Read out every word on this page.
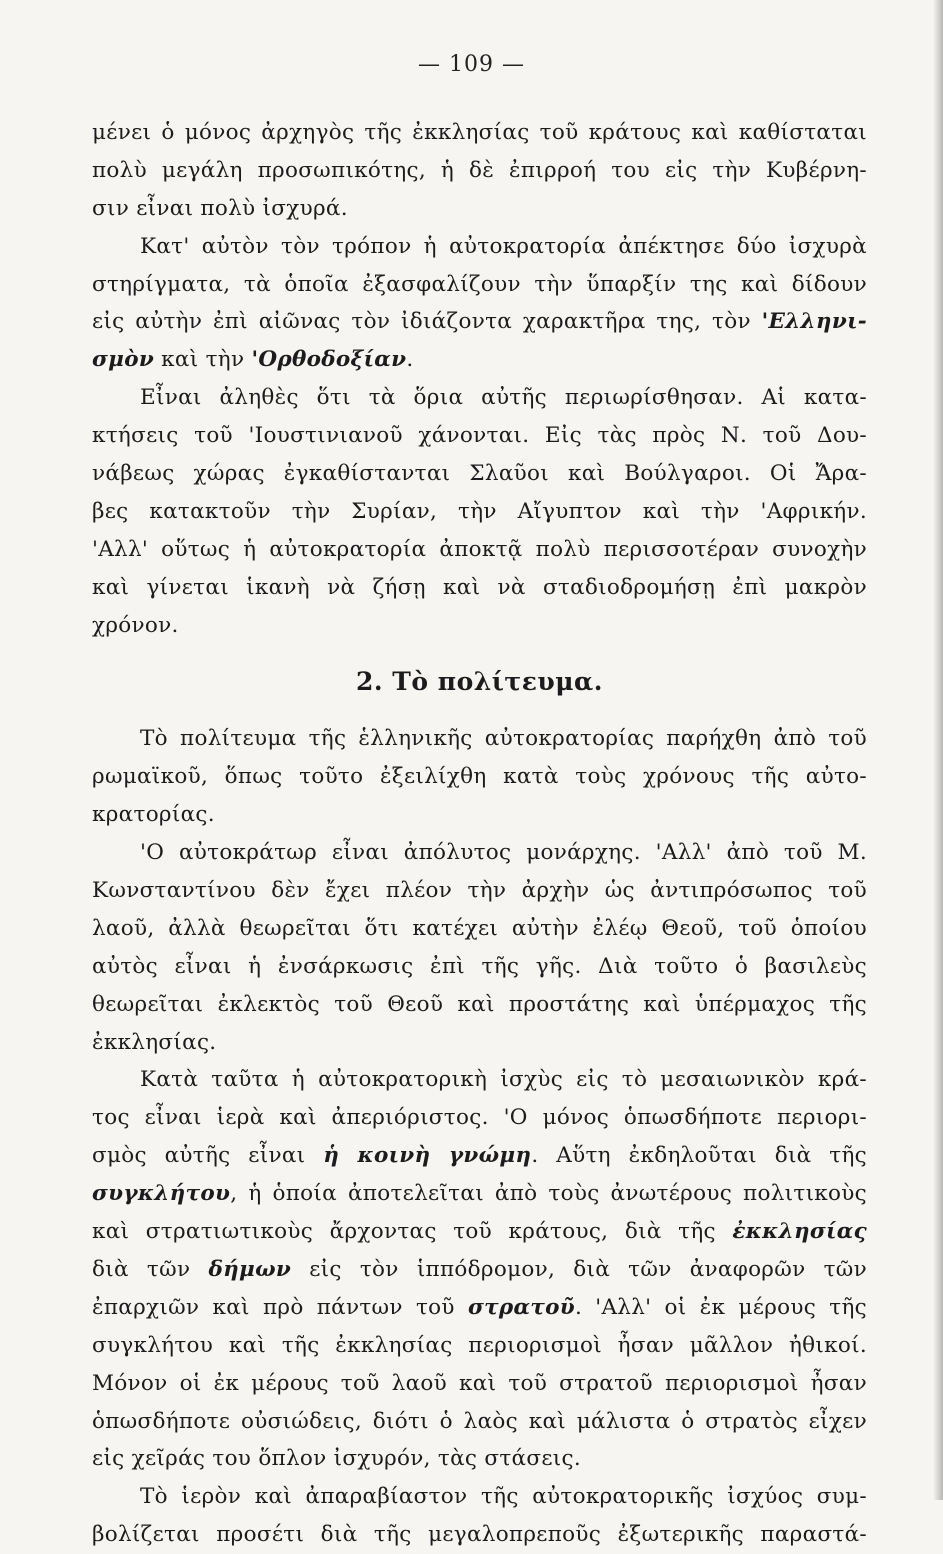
— 109 —
μένει ὁ μόνος ἀρχηγὸς τῆς ἐκκλησίας τοῦ κράτους καὶ καθίσταται
πολὺ μεγάλη προσωπικότης, ἡ δὲ ἐπιρροή του εἰς τὴν Κυβέρνη-
σιν εἶναι πολὺ ἰσχυρά.
Κατ' αὐτὸν τὸν τρόπον ἡ αὐτοκρατορία ἀπέκτησε δύο ἰσχυρὰ
στηρίγματα, τὰ ὁποῖα ἐξασφαλίζουν τὴν ὕπαρξίν της καὶ δίδουν
εἰς αὐτὴν ἐπὶ αἰῶνας τὸν ἰδιάζοντα χαρακτῆρα της, τὸν 'Ελληνι-
σμὸν καὶ τὴν 'Ορθοδοξίαν.
Εἶναι ἀληθὲς ὅτι τὰ ὅρια αὐτῆς περιωρίσθησαν. Αἱ κατα-
κτήσεις τοῦ 'Ιουστινιανοῦ χάνονται. Εἰς τὰς πρὸς Ν. τοῦ Δου-
νάβεως χώρας ἐγκαθίστανται Σλαῦοι καὶ Βούλγαροι. Οἱ Ἄρα-
βες κατακτοῦν τὴν Συρίαν, τὴν Αἴγυπτον καὶ τὴν 'Αφρικήν.
'Αλλ' οὕτως ἡ αὐτοκρατορία ἀποκτᾷ πολὺ περισσοτέραν συνοχὴν
καὶ γίνεται ἱκανὴ νὰ ζήσῃ καὶ νὰ σταδιοδρομήσῃ ἐπὶ μακρὸν
χρόνον.
2. Τὸ πολίτευμα.
Τὸ πολίτευμα τῆς ἑλληνικῆς αὐτοκρατορίας παρήχθη ἀπὸ τοῦ
ρωμαϊκοῦ, ὅπως τοῦτο ἐξειλίχθη κατὰ τοὺς χρόνους τῆς αὐτο-
κρατορίας.
'Ο αὐτοκράτωρ εἶναι ἀπόλυτος μονάρχης. 'Αλλ' ἀπὸ τοῦ Μ.
Κωνσταντίνου δὲν ἔχει πλέον τὴν ἀρχὴν ὡς ἀντιπρόσωπος τοῦ
λαοῦ, ἀλλὰ θεωρεῖται ὅτι κατέχει αὐτὴν ἐλέῳ Θεοῦ, τοῦ ὁποίου
αὐτὸς εἶναι ἡ ἐνσάρκωσις ἐπὶ τῆς γῆς. Διὰ τοῦτο ὁ βασιλεὺς
θεωρεῖται ἐκλεκτὸς τοῦ Θεοῦ καὶ προστάτης καὶ ὑπέρμαχος τῆς
ἐκκλησίας.
Κατὰ ταῦτα ἡ αὐτοκρατορικὴ ἰσχὺς εἰς τὸ μεσαιωνικὸν κρά-
τος εἶναι ἱερὰ καὶ ἀπεριόριστος. 'Ο μόνος ὁπωσδήποτε περιορι-
σμὸς αὐτῆς εἶναι ἡ κοινὴ γνώμη. Αὕτη ἐκδηλοῦται διὰ τῆς
συγκλήτου, ἡ ὁποία ἀποτελεῖται ἀπὸ τοὺς ἀνωτέρους πολιτικοὺς
καὶ στρατιωτικοὺς ἄρχοντας τοῦ κράτους, διὰ τῆς ἐκκλησίας
διὰ τῶν δήμων εἰς τὸν ἱππόδρομον, διὰ τῶν ἀναφορῶν τῶν
ἐπαρχιῶν καὶ πρὸ πάντων τοῦ στρατοῦ. 'Αλλ' οἱ ἐκ μέρους τῆς
συγκλήτου καὶ τῆς ἐκκλησίας περιορισμοὶ ἦσαν μᾶλλον ἠθικοί.
Μόνον οἱ ἐκ μέρους τοῦ λαοῦ καὶ τοῦ στρατοῦ περιορισμοὶ ἦσαν
ὁπωσδήποτε οὐσιώδεις, διότι ὁ λαὸς καὶ μάλιστα ὁ στρατὸς εἶχεν
εἰς χεῖράς του ὅπλον ἰσχυρόν, τὰς στάσεις.
Τὸ ἱερὸν καὶ ἀπαραβίαστον τῆς αὐτοκρατορικῆς ἰσχύος συμ-
βολίζεται προσέτι διὰ τῆς μεγαλοπρεποῦς ἐξωτερικῆς παραστά-
